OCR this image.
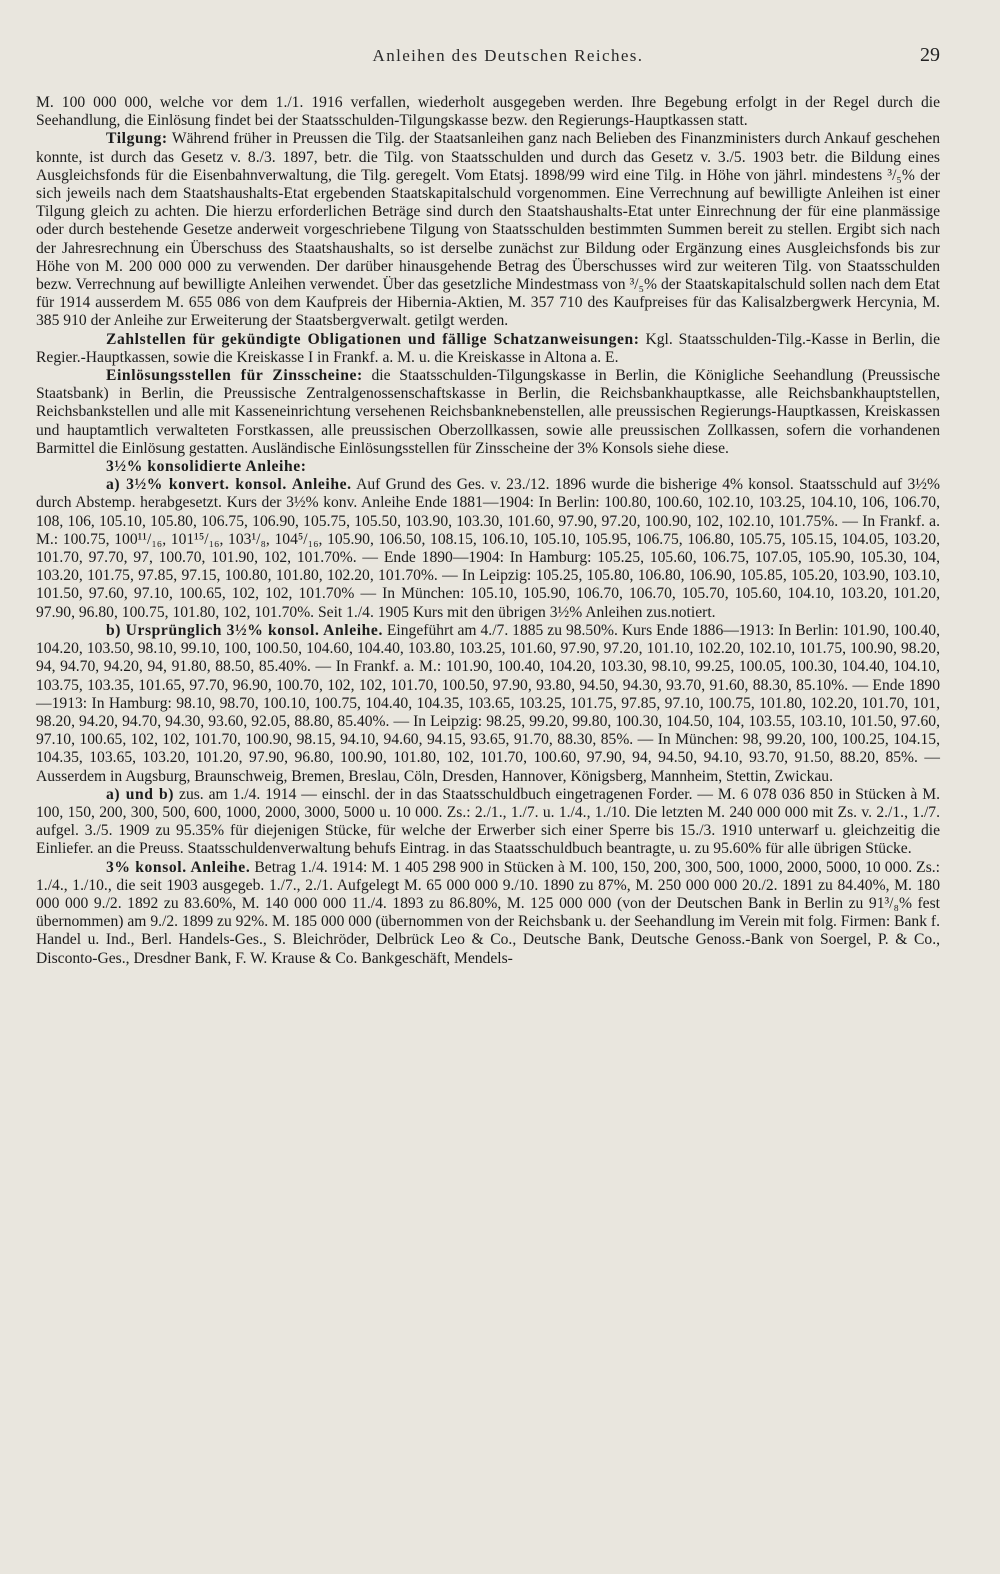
Anleihen des Deutschen Reiches.	29

M. 100 000 000, welche vor dem 1./1. 1916 verfallen, wiederholt ausgegeben werden. Ihre Begebung erfolgt in der Regel durch die Seehandlung, die Einlösung findet bei der Staatsschulden-Tilgungskasse bezw. den Regierungs-Hauptkassen statt.

Tilgung: Während früher in Preussen die Tilg. der Staatsanleihen ganz nach Belieben des Finanzministers durch Ankauf geschehen konnte, ist durch das Gesetz v. 8./3. 1897, betr. die Tilg. von Staatsschulden und durch das Gesetz v. 3./5. 1903 betr. die Bildung eines Ausgleichsfonds für die Eisenbahnverwaltung, die Tilg. geregelt. Vom Etatsj. 1898/99 wird eine Tilg. in Höhe von jährl. mindestens ³/₅% der sich jeweils nach dem Staatshaushalts-Etat ergebenden Staatskapitalschuld vorgenommen. Eine Verrechnung auf bewilligte Anleihen ist einer Tilgung gleich zu achten. Die hierzu erforderlichen Beträge sind durch den Staatshaushalts-Etat unter Einrechnung der für eine planmässige oder durch bestehende Gesetze anderweit vorgeschriebene Tilgung von Staatsschulden bestimmten Summen bereit zu stellen. Ergibt sich nach der Jahresrechnung ein Überschuss des Staatshaushalts, so ist derselbe zunächst zur Bildung oder Ergänzung eines Ausgleichsfonds bis zur Höhe von M. 200 000 000 zu verwenden. Der darüber hinausgehende Betrag des Überschusses wird zur weiteren Tilg. von Staatsschulden bezw. Verrechnung auf bewilligte Anleihen verwendet. Über das gesetzliche Mindestmass von ³/₅% der Staatskapitalschuld sollen nach dem Etat für 1914 ausserdem M. 655 086 von dem Kaufpreis der Hibernia-Aktien, M. 357 710 des Kaufpreises für das Kalisalzbergwerk Hercynia, M. 385 910 der Anleihe zur Erweiterung der Staatsbergverwalt. getilgt werden.

Zahlstellen für gekündigte Obligationen und fällige Schatzanweisungen: Kgl. Staatsschulden-Tilg.-Kasse in Berlin, die Regier.-Hauptkassen, sowie die Kreiskasse I in Frankf. a. M. u. die Kreiskasse in Altona a. E.

Einlösungsstellen für Zinsscheine: die Staatsschulden-Tilgungskasse in Berlin, die Königliche Seehandlung (Preussische Staatsbank) in Berlin, die Preussische Zentralgenossenschaftskasse in Berlin, die Reichsbankhauptkasse, alle Reichsbankhauptstellen, Reichsbankstellen und alle mit Kasseneinrichtung versehenen Reichsbanknebenstellen, alle preussischen Regierungs-Hauptkassen, Kreiskassen und hauptamtlich verwalteten Forstkassen, alle preussischen Oberzollkassen, sowie alle preussischen Zollkassen, sofern die vorhandenen Barmittel die Einlösung gestatten. Ausländische Einlösungsstellen für Zinsscheine der 3% Konsols siehe diese.

3½% konsolidierte Anleihe:

a) 3½% konvert. konsol. Anleihe. Auf Grund des Ges. v. 23./12. 1896 wurde die bisherige 4% konsol. Staatsschuld auf 3½% durch Abstemp. herabgesetzt. Kurs der 3½% konv. Anleihe Ende 1881—1904: In Berlin: 100.80, 100.60, 102.10, 103.25, 104.10, 106, 106.70, 108, 106, 105.10, 105.80, 106.75, 106.90, 105.75, 105.50, 103.90, 103.30, 101.60, 97.90, 97.20, 100.90, 102, 102.10, 101.75%. — In Frankf. a. M.: 100.75, 100¹¹/₁₆, 101¹⁵/₁₆, 103¹/₈, 104⁵/₁₆, 105.90, 106.50, 108.15, 106.10, 105.10, 105.95, 106.75, 106.80, 105.75, 105.15, 104.05, 103.20, 101.70, 97.70, 97, 100.70, 101.90, 102, 101.70%. — Ende 1890—1904: In Hamburg: 105.25, 105.60, 106.75, 107.05, 105.90, 105.30, 104, 103.20, 101.75, 97.85, 97.15, 100.80, 101.80, 102.20, 101.70%. — In Leipzig: 105.25, 105.80, 106.80, 106.90, 105.85, 105.20, 103.90, 103.10, 101.50, 97.60, 97.10, 100.65, 102, 102, 101.70% — In München: 105.10, 105.90, 106.70, 106.70, 105.70, 105.60, 104.10, 103.20, 101.20, 97.90, 96.80, 100.75, 101.80, 102, 101.70%. Seit 1./4. 1905 Kurs mit den übrigen 3½% Anleihen zus.notiert.

b) Ursprünglich 3½% konsol. Anleihe. Eingeführt am 4./7. 1885 zu 98.50%. Kurs Ende 1886—1913: In Berlin: 101.90, 100.40, 104.20, 103.50, 98.10, 99.10, 100, 100.50, 104.60, 104.40, 103.80, 103.25, 101.60, 97.90, 97.20, 101.10, 102.20, 102.10, 101.75, 100.90, 98.20, 94, 94.70, 94.20, 94, 91.80, 88.50, 85.40%. — In Frankf. a. M.: 101.90, 100.40, 104.20, 103.30, 98.10, 99.25, 100.05, 100.30, 104.40, 104.10, 103.75, 103.35, 101.65, 97.70, 96.90, 100.70, 102, 102, 101.70, 100.50, 97.90, 93.80, 94.50, 94.30, 93.70, 91.60, 88.30, 85.10%. — Ende 1890—1913: In Hamburg: 98.10, 98.70, 100.10, 100.75, 104.40, 104.35, 103.65, 103.25, 101.75, 97.85, 97.10, 100.75, 101.80, 102.20, 101.70, 101, 98.20, 94.20, 94.70, 94.30, 93.60, 92.05, 88.80, 85.40%. — In Leipzig: 98.25, 99.20, 99.80, 100.30, 104.50, 104, 103.55, 103.10, 101.50, 97.60, 97.10, 100.65, 102, 102, 101.70, 100.90, 98.15, 94.10, 94.60, 94.15, 93.65, 91.70, 88.30, 85%. — In München: 98, 99.20, 100, 100.25, 104.15, 104.35, 103.65, 103.20, 101.20, 97.90, 96.80, 100.90, 101.80, 102, 101.70, 100.60, 97.90, 94, 94.50, 94.10, 93.70, 91.50, 88.20, 85%. — Ausserdem in Augsburg, Braunschweig, Bremen, Breslau, Cöln, Dresden, Hannover, Königsberg, Mannheim, Stettin, Zwickau.

a) und b) zus. am 1./4. 1914 — einschl. der in das Staatsschuldbuch eingetragenen Forder. — M. 6 078 036 850 in Stücken à M. 100, 150, 200, 300, 500, 600, 1000, 2000, 3000, 5000 u. 10 000. Zs.: 2./1., 1./7. u. 1./4., 1./10. Die letzten M. 240 000 000 mit Zs. v. 2./1., 1./7. aufgel. 3./5. 1909 zu 95.35% für diejenigen Stücke, für welche der Erwerber sich einer Sperre bis 15./3. 1910 unterwarf u. gleichzeitig die Einliefer. an die Preuss. Staatsschuldenverwaltung behufs Eintrag. in das Staatsschuldbuch beantragte, u. zu 95.60% für alle übrigen Stücke.

3% konsol. Anleihe. Betrag 1./4. 1914: M. 1 405 298 900 in Stücken à M. 100, 150, 200, 300, 500, 1000, 2000, 5000, 10 000. Zs.: 1./4., 1./10., die seit 1903 ausgegeb. 1./7., 2./1. Aufgelegt M. 65 000 000 9./10. 1890 zu 87%, M. 250 000 000 20./2. 1891 zu 84.40%, M. 180 000 000 9./2. 1892 zu 83.60%, M. 140 000 000 11./4. 1893 zu 86.80%, M. 125 000 000 (von der Deutschen Bank in Berlin zu 91³/₈% fest übernommen) am 9./2. 1899 zu 92%. M. 185 000 000 (übernommen von der Reichsbank u. der Seehandlung im Verein mit folg. Firmen: Bank f. Handel u. Ind., Berl. Handels-Ges., S. Bleichröder, Delbrück Leo & Co., Deutsche Bank, Deutsche Genoss.-Bank von Soergel, P. & Co., Disconto-Ges., Dresdner Bank, F. W. Krause & Co. Bankgeschäft, Mendels-
